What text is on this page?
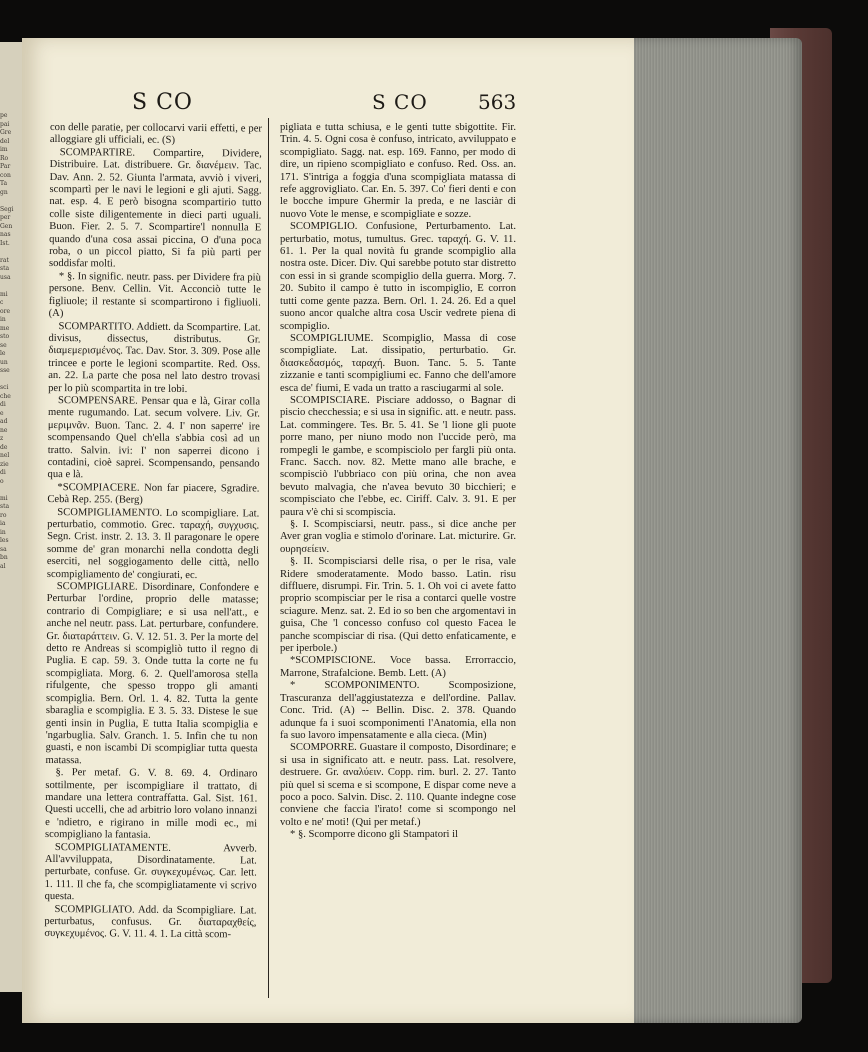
pe
pai
Gre
del
im
Ro
Par
con
Ta
gn

Segi
per
Gen
nas
Ist.

rat
sta
usa

mi
c
ore
in
me
sto
se
le
un
sse

sci
che
di
e
ad
ne
z
de
nel
zie
di
o

mi
sta
ro
ia
in
les
sa
bn
al

S CO	S CO	563

con delle paratie, per collocarvi varii effetti, e per alloggiare gli ufficiali, ec. (S)

SCOMPARTIRE. Compartire, Dividere, Distribuire. Lat. distribuere. Gr. διανέμειν. Tac. Dav. Ann. 2. 52. Giunta l'armata, avviò i viveri, scompartì per le navi le legioni e gli ajuti. Sagg. nat. esp. 4. E però bisogna scompartirio tutto colle siste diligentemente in dieci parti uguali. Buon. Fier. 2. 5. 7. Scompartire'l nonnulla E quando d'una cosa assai piccina, O d'una poca roba, o un piccol piatto, Si fa più parti per soddisfar molti.

* §. In signific. neutr. pass. per Dividere fra più persone. Benv. Cellin. Vit. Acconciò tutte le figliuole; il restante si scompartirono i figliuoli. (A)

SCOMPARTITO. Addiett. da Scompartire. Lat. divisus, dissectus, distributus. Gr. διαμεμερισμένος. Tac. Dav. Stor. 3. 309. Pose alle trincee e porte le legioni scompartite. Red. Oss. an. 22. La parte che posa nel lato destro trovasi per lo più scompartita in tre lobi.

SCOMPENSARE. Pensar qua e là, Girar colla mente rugumando. Lat. secum volvere. Liv. Gr. μεριμνᾶν. Buon. Tanc. 2. 4. I' non saperre' ire scompensando Quel ch'ella s'abbia così ad un tratto. Salvin. ivi: I' non saperrei dicono i contadini, cioè saprei. Scompensando, pensando qua e là.

*SCOMPIACERE. Non far piacere, Sgradire. Cebà Rep. 255. (Berg)

SCOMPIGLIAMENTO. Lo scompigliare. Lat. perturbatio, commotio. Grec. ταραχή, συγχυσις. Segn. Crist. instr. 2. 13. 3. Il paragonare le opere somme de' gran monarchi nella condotta degli eserciti, nel soggiogamento delle città, nello scompigliamento de' congiurati, ec.

SCOMPIGLIARE. Disordinare, Confondere e Perturbar l'ordine, proprio delle matasse; contrario di Compigliare; e si usa nell'att., e anche nel neutr. pass. Lat. perturbare, confundere. Gr. διαταράττειν. G. V. 12. 51. 3. Per la morte del detto re Andreas si scompigliò tutto il regno di Puglia. E cap. 59. 3. Onde tutta la corte ne fu scompigliata. Morg. 6. 2. Quell'amorosa stella rifulgente, che spesso troppo gli amanti scompiglia. Bern. Orl. 1. 4. 82. Tutta la gente sbaraglia e scompiglia. E 3. 5. 33. Distese le sue genti insin in Puglia, E tutta Italia scompiglia e 'ngarbuglia. Salv. Granch. 1. 5. Infin che tu non guasti, e non iscambi Di scompigliar tutta questa matassa.

§. Per metaf. G. V. 8. 69. 4. Ordinaro sottilmente, per iscompigliare il trattato, di mandare una lettera contraffatta. Gal. Sist. 161. Questi uccelli, che ad arbitrio loro volano innanzi e 'ndietro, e rigirano in mille modi ec., mi scompigliano la fantasia.

SCOMPIGLIATAMENTE. Avverb. All'avviluppata, Disordinatamente. Lat. perturbate, confuse. Gr. συγκεχυμένως. Car. lett. 1. 111. Il che fa, che scompigliatamente vi scrivo questa.

SCOMPIGLIATO. Add. da Scompigliare. Lat. perturbatus, confusus. Gr. διαταραχθείς, συγκεχυμένος. G. V. 11. 4. 1. La città scom-

pigliata e tutta schiusa, e le genti tutte sbigottite. Fir. Trin. 4. 5. Ogni cosa è confuso, intricato, avviluppato e scompigliato. Sagg. nat. esp. 169. Fanno, per modo di dire, un ripieno scompigliato e confuso. Red. Oss. an. 171. S'intriga a foggia d'una scompigliata matassa di refe aggrovigliato. Car. En. 5. 397. Co' fieri denti e con le bocche impure Ghermir la preda, e ne lasciàr di nuovo Vote le mense, e scompigliate e sozze.

SCOMPIGLIO. Confusione, Perturbamento. Lat. perturbatio, motus, tumultus. Grec. ταραχή. G. V. 11. 61. 1. Per la qual novità fu grande scompiglio alla nostra oste. Dicer. Div. Qui sarebbe potuto star distretto con essi in sì grande scompiglio della guerra. Morg. 7. 20. Subito il campo è tutto in iscompiglio, E corron tutti come gente pazza. Bern. Orl. 1. 24. 26. Ed a quel suono ancor qualche altra cosa Uscir vedrete piena di scompiglio.

SCOMPIGLIUME. Scompiglio, Massa di cose scompigliate. Lat. dissipatio, perturbatio. Gr. διασκεδασμός, ταραχή. Buon. Tanc. 5. 5. Tante zizzanie e tanti scompigliumi ec. Fanno che dell'amore esca de' fiumi, E vada un tratto a rasciugarmi al sole.

SCOMPISCIARE. Pisciare addosso, o Bagnar di piscio checchessia; e si usa in signific. att. e neutr. pass. Lat. commingere. Tes. Br. 5. 41. Se 'l lione gli puote porre mano, per niuno modo non l'uccide però, ma rompegli le gambe, e scompisciolo per fargli più onta. Franc. Sacch. nov. 82. Mette mano alle brache, e scompisciò l'ubbriaco con più orina, che non avea bevuto malvagia, che n'avea bevuto 30 bicchieri; e scompisciato che l'ebbe, ec. Ciriff. Calv. 3. 91. E per paura v'è chi si scompiscia.

§. I. Scompisciarsi, neutr. pass., si dice anche per Aver gran voglia e stimolo d'orinare. Lat. micturire. Gr. ουρησείειν.

§. II. Scompisciarsi delle risa, o per le risa, vale Ridere smoderatamente. Modo basso. Latin. risu diffluere, disrumpi. Fir. Trin. 5. 1. Oh voi ci avete fatto proprio scompisciar per le risa a contarci quelle vostre sciagure. Menz. sat. 2. Ed io so ben che argomentavi in guisa, Che 'l concesso confuso col questo Facea le panche scompisciar di risa. (Qui detto enfaticamente, e per iperbole.)

*SCOMPISCIONE. Voce bassa. Errorraccio, Marrone, Strafalcione. Bemb. Lett. (A)

* SCOMPONIMENTO. Scomposizione, Trascuranza dell'aggiustatezza e dell'ordine. Pallav. Conc. Trid. (A) -- Bellin. Disc. 2. 378. Quando adunque fa i suoi scomponimenti l'Anatomia, ella non fa suo lavoro impensatamente e alla cieca. (Min)

SCOMPORRE. Guastare il composto, Disordinare; e si usa in significato att. e neutr. pass. Lat. resolvere, destruere. Gr. αναλύειν. Copp. rim. burl. 2. 27. Tanto più quel si scema e si scompone, E dispar come neve a poco a poco. Salvin. Disc. 2. 110. Quante indegne cose conviene che faccia l'irato! come si scompongo nel volto e ne' moti! (Qui per metaf.)

* §. Scomporre dicono gli Stampatori il
